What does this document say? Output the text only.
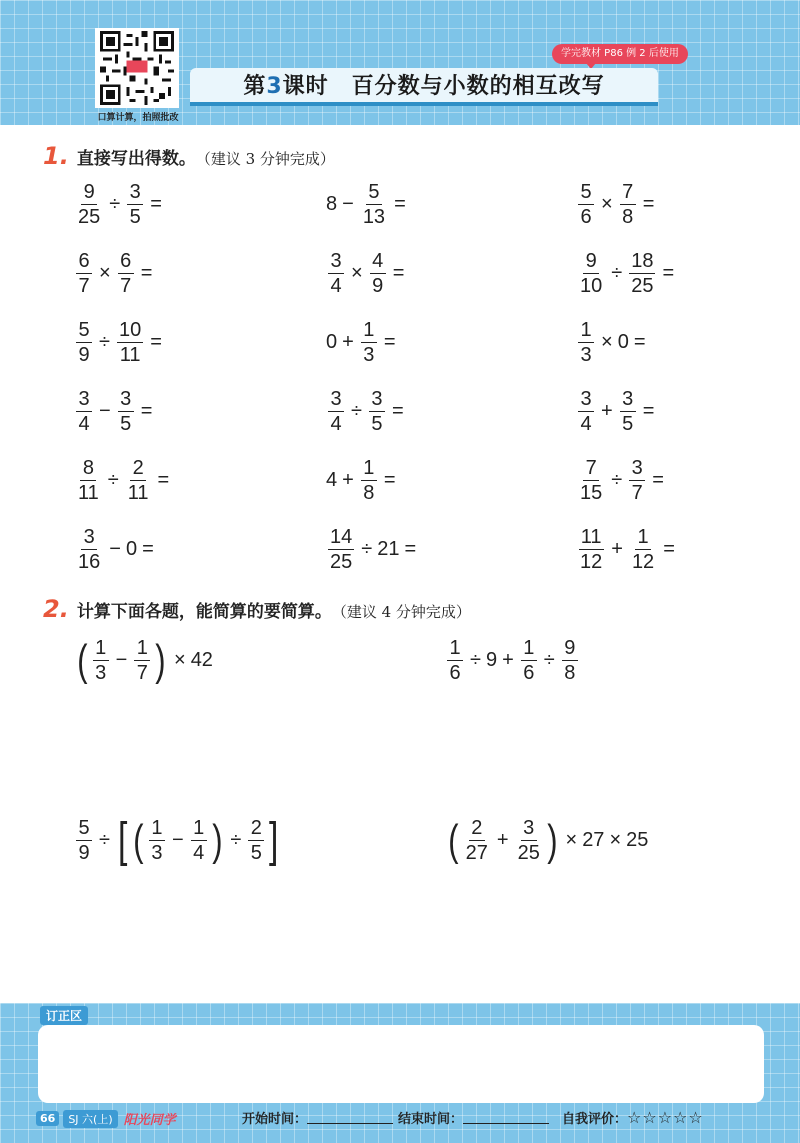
口算计算，拍照批改
学完教材 P86 例 2 后使用
第3课时　百分数与小数的相互改写
1. 直接写出得数。 （建议 3 分钟完成）
$\frac{9}{25} \div \frac{3}{5}$ =	$8 - \frac{5}{13}$ =	$\frac{5}{6} \times \frac{7}{8}$ =
$\frac{6}{7} \times \frac{6}{7}$ =	$\frac{3}{4} \times \frac{4}{9}$ =	$\frac{9}{10} \div \frac{18}{25}$ =
$\frac{5}{9} \div \frac{10}{11}$ =	$0 + \frac{1}{3}$ =	$\frac{1}{3} \times 0$ =
$\frac{3}{4} - \frac{3}{5}$ =	$\frac{3}{4} \div \frac{3}{5}$ =	$\frac{3}{4} + \frac{3}{5}$ =
$\frac{8}{11} \div \frac{2}{11}$ =	$4 + \frac{1}{8}$ =	$\frac{7}{15} \div \frac{3}{7}$ =
$\frac{3}{16} - 0$ =	$\frac{14}{25} \div 21$ =	$\frac{11}{12} + \frac{1}{12}$ =
2. 计算下面各题，能简算的要简算。 （建议 4 分钟完成）
( $\frac{1}{3} - \frac{1}{7}$ ) × 42	$\frac{1}{6} \div 9 + \frac{1}{6} \div \frac{9}{8}$
$\frac{5}{9}$ ÷ [ ( $\frac{1}{3} - \frac{1}{4}$ ) ÷ $\frac{2}{5}$ ]	( $\frac{2}{27} + \frac{3}{25}$ ) × 27 × 25
订正区
66	SJ 六(上) 阳光同学	开始时间：	结束时间：	自我评价： ☆☆☆☆☆
